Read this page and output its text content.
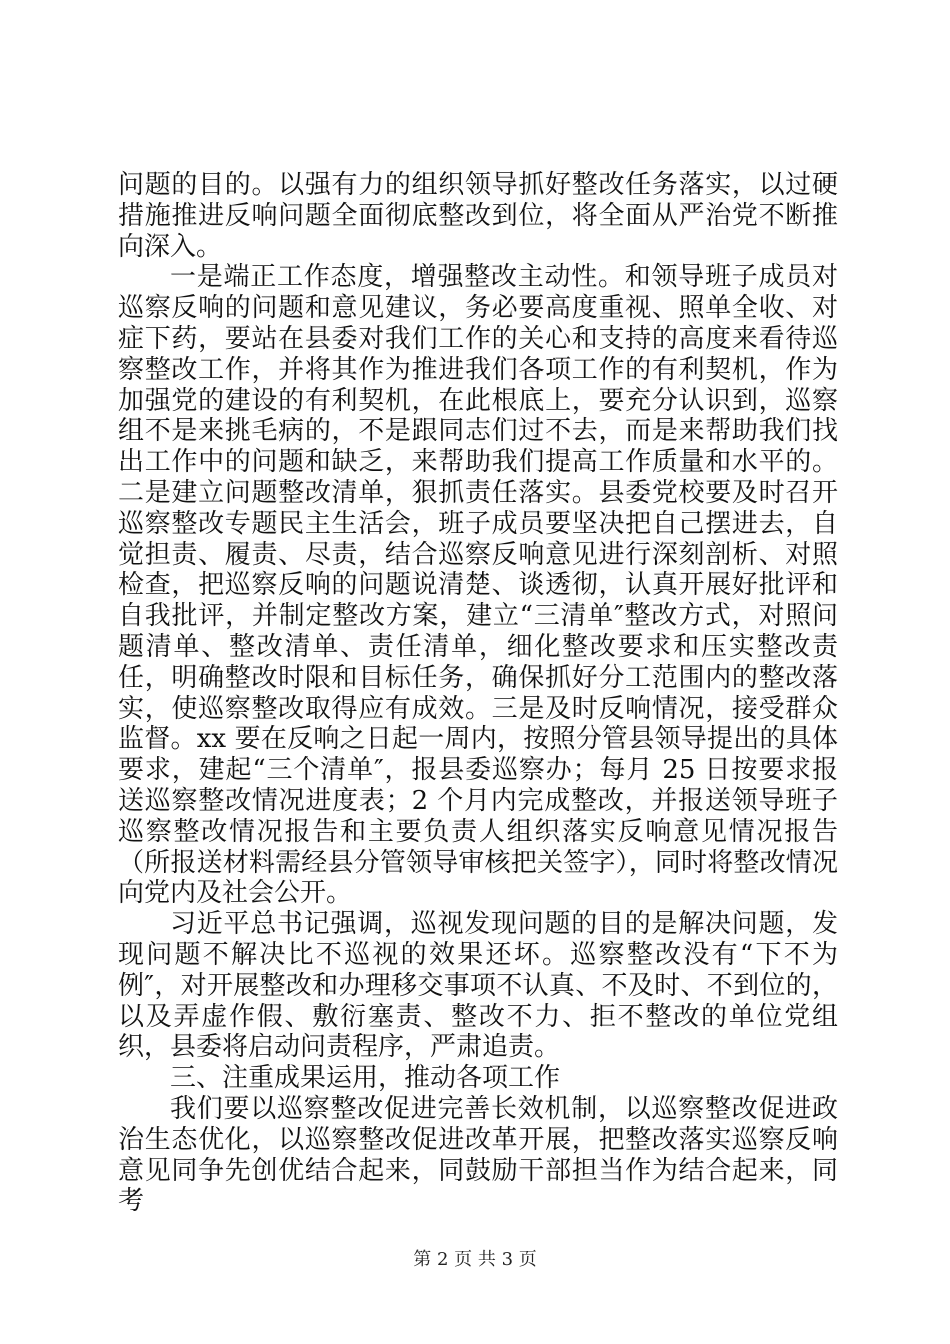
问题的目的。以强有力的组织领导抓好整改任务落实，以过硬措施推进反响问题全面彻底整改到位，将全面从严治党不断推向深入。

一是端正工作态度，增强整改主动性。和领导班子成员对巡察反响的问题和意见建议，务必要高度重视、照单全收、对症下药，要站在县委对我们工作的关心和支持的高度来看待巡察整改工作，并将其作为推进我们各项工作的有利契机，作为加强党的建设的有利契机，在此根底上，要充分认识到，巡察组不是来挑毛病的，不是跟同志们过不去，而是来帮助我们找出工作中的问题和缺乏，来帮助我们提高工作质量和水平的。二是建立问题整改清单，狠抓责任落实。县委党校要及时召开巡察整改专题民主生活会，班子成员要坚决把自己摆进去，自觉担责、履责、尽责，结合巡察反响意见进行深刻剖析、对照检查，把巡察反响的问题说清楚、谈透彻，认真开展好批评和自我批评，并制定整改方案，建立“三清单″整改方式，对照问题清单、整改清单、责任清单，细化整改要求和压实整改责任，明确整改时限和目标任务，确保抓好分工范围内的整改落实，使巡察整改取得应有成效。三是及时反响情况，接受群众监督。xx 要在反响之日起一周内，按照分管县领导提出的具体要求，建起“三个清单″，报县委巡察办；每月 25 日按要求报送巡察整改情况进度表；2 个月内完成整改，并报送领导班子巡察整改情况报告和主要负责人组织落实反响意见情况报告（所报送材料需经县分管领导审核把关签字），同时将整改情况向党内及社会公开。

习近平总书记强调，巡视发现问题的目的是解决问题，发现问题不解决比不巡视的效果还坏。巡察整改没有“下不为例″，对开展整改和办理移交事项不认真、不及时、不到位的，以及弄虚作假、敷衍塞责、整改不力、拒不整改的单位党组织，县委将启动问责程序，严肃追责。

三、注重成果运用，推动各项工作

我们要以巡察整改促进完善长效机制，以巡察整改促进政治生态优化，以巡察整改促进改革开展，把整改落实巡察反响意见同争先创优结合起来，同鼓励干部担当作为结合起来，同考

第 2 页 共 3 页
